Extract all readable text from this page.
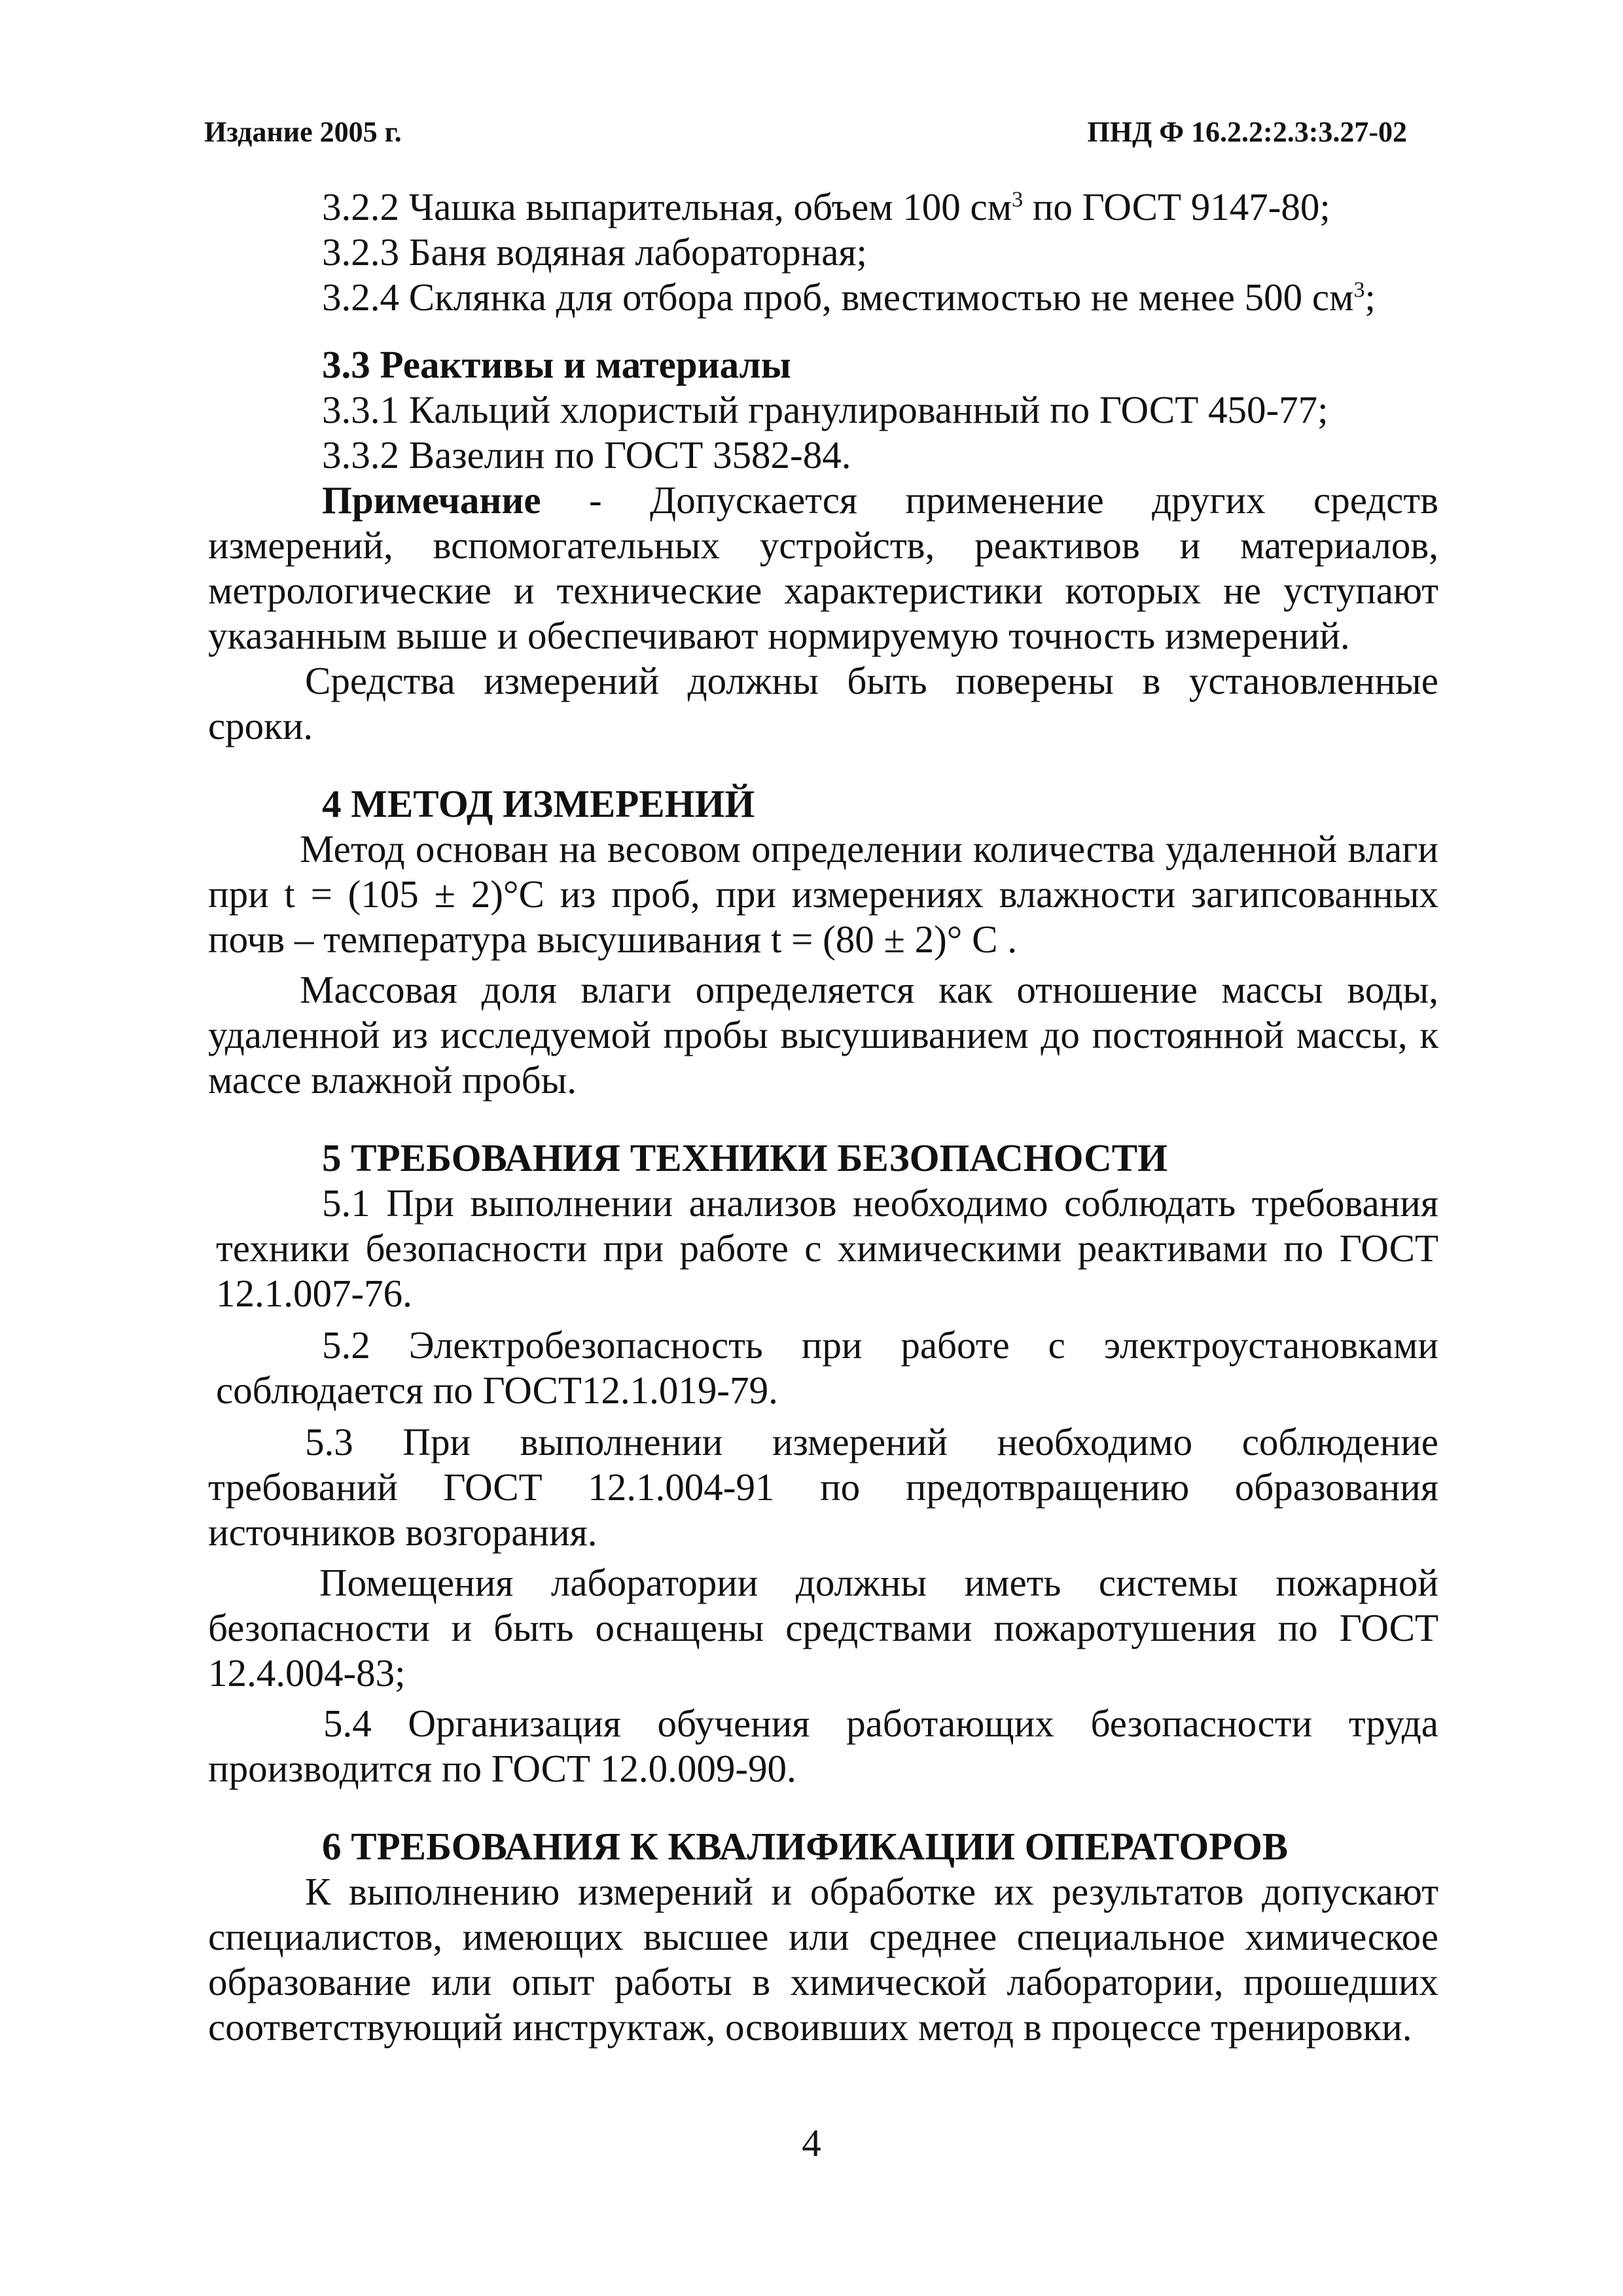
Издание 2005 г.	ПНД Ф 16.2.2:2.3:3.27-02

3.2.2 Чашка выпарительная, объем 100 $см^3$ по ГОСТ 9147-80;

3.2.3 Баня водяная лабораторная;

3.2.4 Склянка для отбора проб, вместимостью не менее 500 $см^3$;

3.3 Реактивы и материалы

3.3.1 Кальций хлористый гранулированный по ГОСТ 450-77;

3.3.2 Вазелин по ГОСТ 3582-84.

Примечание - Допускается применение других средств измерений, вспомогательных устройств, реактивов и материалов, метрологические и технические характеристики которых не уступают указанным выше и обеспечивают нормируемую точность измерений.

Средства измерений должны быть поверены в установленные сроки.

4 МЕТОД ИЗМЕРЕНИЙ

Метод основан на весовом определении количества удаленной влаги при t = (105 ± 2)°С из проб, при измерениях влажности загипсованных почв – температура высушивания t = (80 ± 2)° С .

Массовая доля влаги определяется как отношение массы воды, удаленной из исследуемой пробы высушиванием до постоянной массы, к массе влажной пробы.

5 ТРЕБОВАНИЯ ТЕХНИКИ БЕЗОПАСНОСТИ

5.1 При выполнении анализов необходимо соблюдать требования техники безопасности при работе с химическими реактивами по ГОСТ 12.1.007-76.

5.2 Электробезопасность при работе с электроустановками соблюдается по ГОСТ12.1.019-79.

5.3 При выполнении измерений необходимо соблюдение требований ГОСТ 12.1.004-91 по предотвращению образования источников возгорания.

Помещения лаборатории должны иметь системы пожарной безопасности и быть оснащены средствами пожаротушения по ГОСТ 12.4.004-83;

5.4 Организация обучения работающих безопасности труда производится по ГОСТ 12.0.009-90.

6 ТРЕБОВАНИЯ К КВАЛИФИКАЦИИ ОПЕРАТОРОВ

К выполнению измерений и обработке их результатов допускают специалистов, имеющих высшее или среднее специальное химическое образование или опыт работы в химической лаборатории, прошедших соответствующий инструктаж, освоивших метод в процессе тренировки.

4
